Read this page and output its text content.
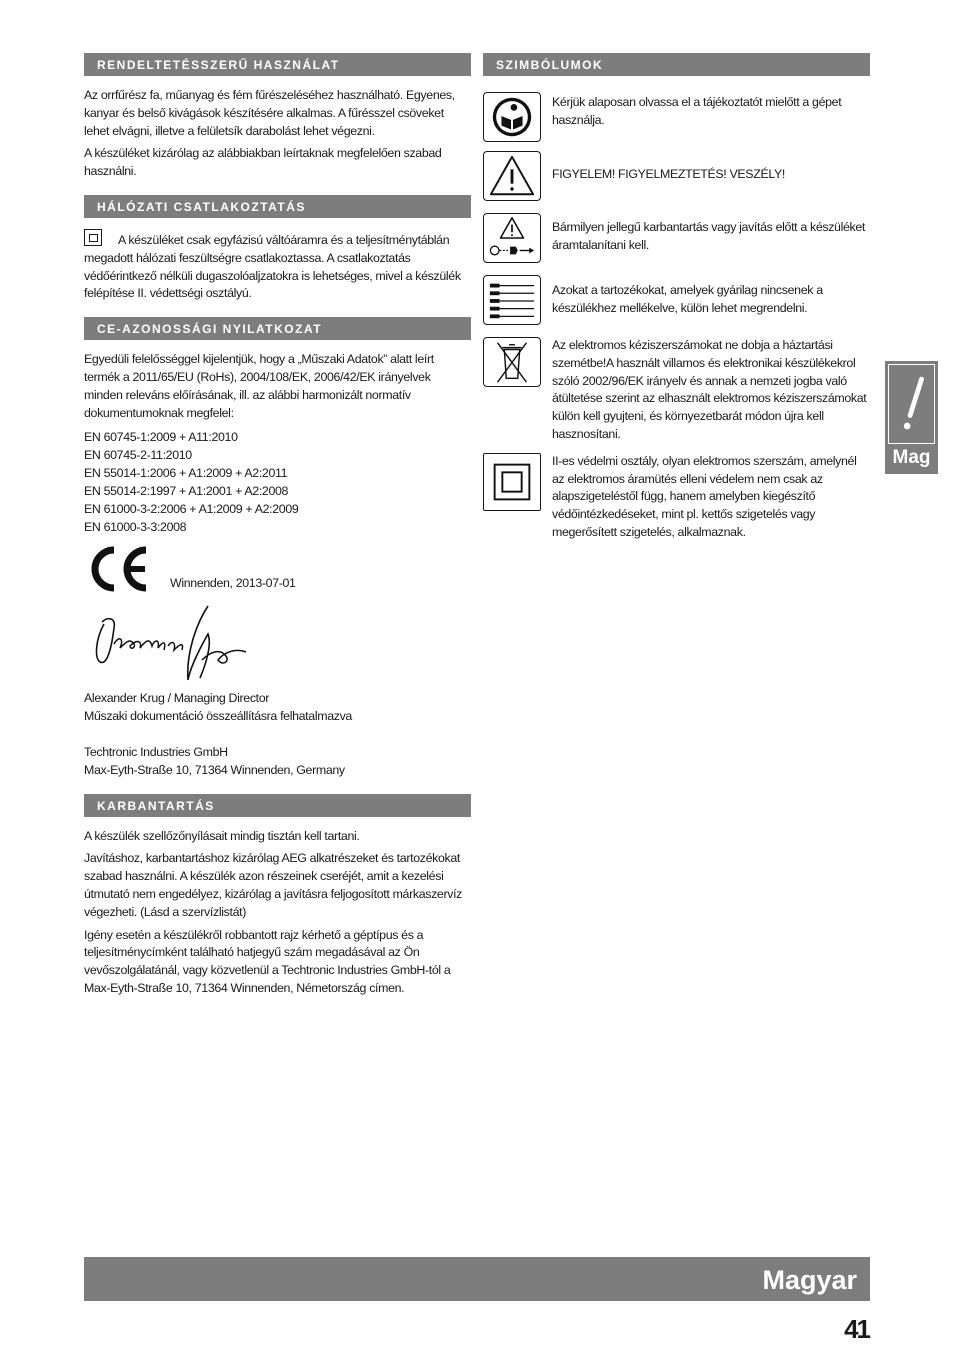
RENDELTETÉSSZERŰ HASZNÁLAT

Az orrfűrész fa, műanyag és fém fűrészeléséhez használható. Egyenes, kanyar és belső kivágások készítésére alkalmas. A fűrésszel csöveket lehet elvágni, illetve a felületsík darabolást lehet végezni.

A készüléket kizárólag az alábbiakban leírtaknak megfelelően szabad használni.

HÁLÓZATI CSATLAKOZTATÁS

A készüléket csak egyfázisú váltóáramra és a teljesítménytáblán megadott hálózati feszültségre csatlakoztassa. A csatlakoztatás védőérintkező nélküli dugaszolóaljzatokra is lehetséges, mivel a készülék felépítése II. védettségi osztályú.

CE-AZONOSSÁGI NYILATKOZAT

Egyedüli felelősséggel kijelentjük, hogy a „Műszaki Adatok” alatt leírt termék a 2011/65/EU (RoHs), 2004/108/EK, 2006/42/EK irányelvek minden releváns előírásának, ill. az alábbi harmonizált normatív dokumentumoknak megfelel:

EN 60745-1:2009 + A11:2010
EN 60745-2-11:2010
EN 55014-1:2006 + A1:2009 + A2:2011
EN 55014-2:1997 + A1:2001 + A2:2008
EN 61000-3-2:2006 + A1:2009 + A2:2009
EN 61000-3-3:2008
Winnenden, 2013-07-01
Alexander Krug / Managing Director
Műszaki dokumentáció összeállításra felhatalmazva
Techtronic Industries GmbH
Max-Eyth-Straße 10, 71364 Winnenden, Germany
KARBANTARTÁS

A készülék szellőzőnyílásait mindig tisztán kell tartani.

Javításhoz, karbantartáshoz kizárólag AEG alkatrészeket és tartozékokat szabad használni. A készülék azon részeinek cseréjét, amit a kezelési útmutató nem engedélyez, kizárólag a javításra feljogosított márkaszervíz végezheti. (Lásd a szervízlistát)

Igény esetén a készülékről robbantott rajz kérhető a géptípus és a teljesítménycímként található hatjegyű szám megadásával az Ön vevőszolgálatánál, vagy közvetlenül a Techtronic Industries GmbH-tól a Max-Eyth-Straße 10, 71364 Winnenden, Németország címen.

SZIMBÓLUMOK
Kérjük alaposan olvassa el a tájékoztatót mielőtt a gépet használja.
FIGYELEM! FIGYELMEZTETÉS! VESZÉLY!
Bármilyen jellegű karbantartás vagy javítás előtt a készüléket áramtalanítani kell.
Azokat a tartozékokat, amelyek gyárilag nincsenek a készülékhez mellékelve, külön lehet megrendelni.
Az elektromos kéziszerszámokat ne dobja a háztartási szemétbe!A használt villamos és elektronikai készülékekrol szóló 2002/96/EK irányelv és annak a nemzeti jogba való átültetése szerint az elhasznált elektromos kéziszerszámokat külön kell gyujteni, és környezetbarát módon újra kell hasznosítani.
II-es védelmi osztály, olyan elektromos szerszám, amelynél az elektromos áramütés elleni védelem nem csak az alapszigeteléstől függ, hanem amelyben kiegészítő védőintézkedéseket, mint pl. kettős szigetelés vagy megerősített szigetelés, alkalmaznak.
Mag
Magyar
41
